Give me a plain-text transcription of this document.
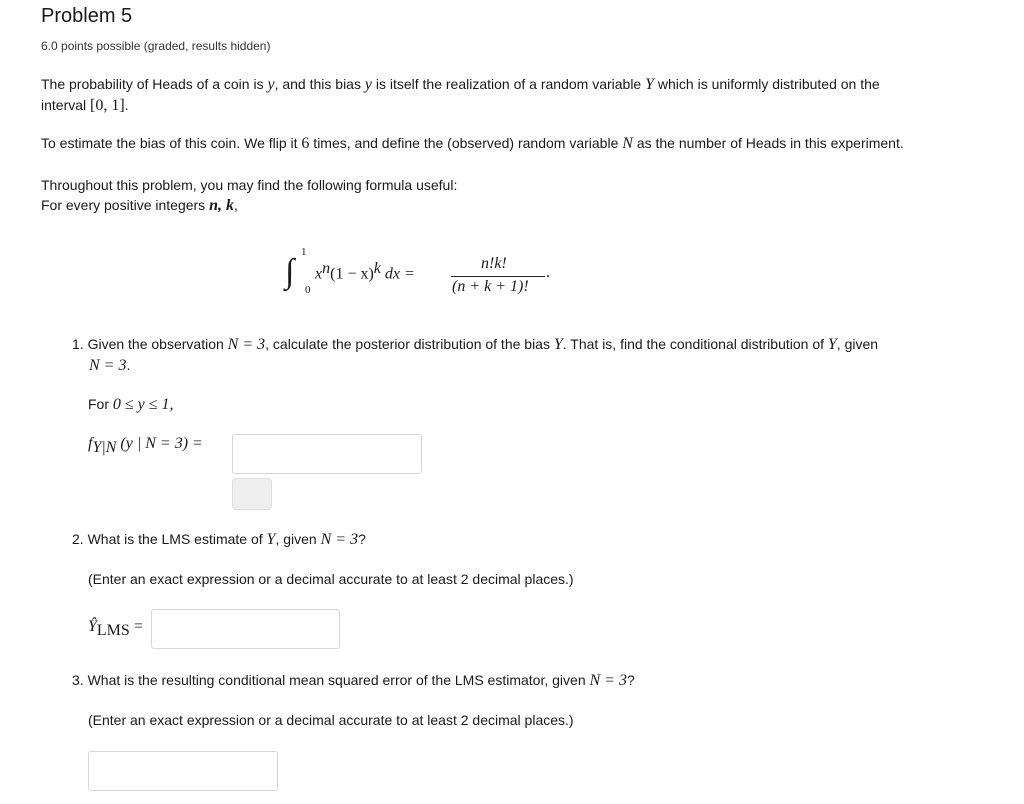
Problem 5
6.0 points possible (graded, results hidden)
The probability of Heads of a coin is y, and this bias y is itself the realization of a random variable Y which is uniformly distributed on the
interval [0, 1].
To estimate the bias of this coin. We flip it 6 times, and define the (observed) random variable N as the number of Heads in this experiment.
Throughout this problem, you may find the following formula useful:
For every positive integers n, k,
∫
1
0
$x^n(1 - x)^k$ dx =
n!k!
(n + k + 1)!
.
1. Given the observation N = 3, calculate the posterior distribution of the bias Y. That is, find the conditional distribution of Y, given
N = 3.
For 0 ≤ y ≤ 1,
$f_{Y|N}$ (y | N = 3) =
2. What is the LMS estimate of Y, given N = 3?
(Enter an exact expression or a decimal accurate to at least 2 decimal places.)
$Ŷ_{LMS}$ =
3. What is the resulting conditional mean squared error of the LMS estimator, given N = 3?
(Enter an exact expression or a decimal accurate to at least 2 decimal places.)
